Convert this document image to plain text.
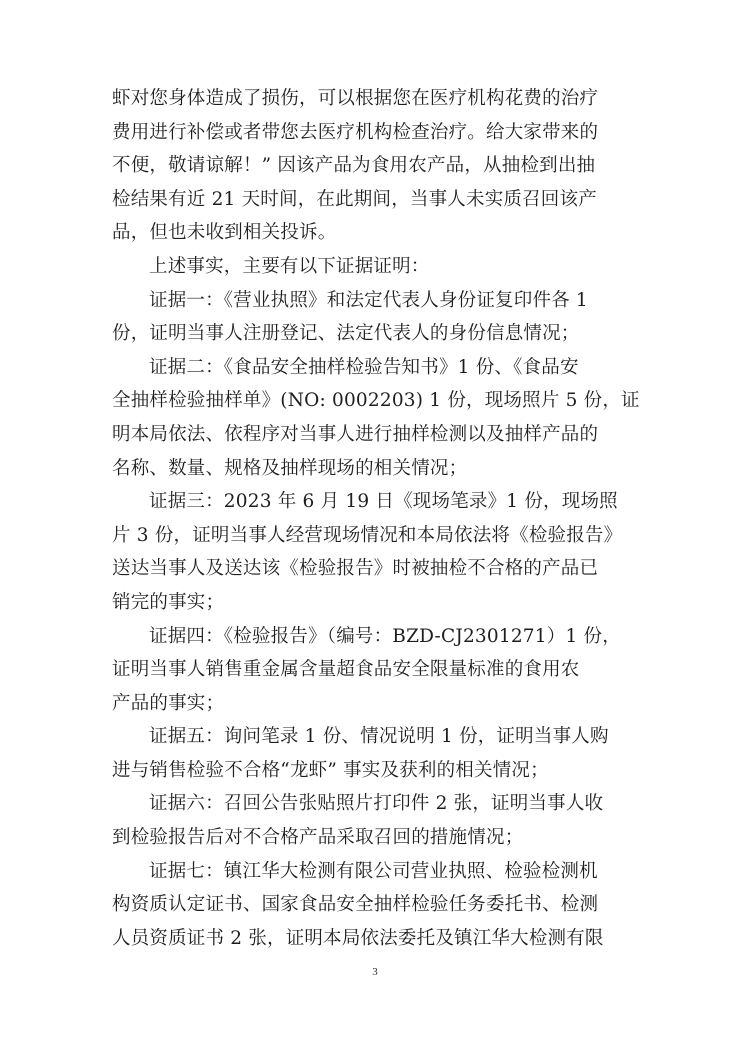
虾对您身体造成了损伤，可以根据您在医疗机构花费的治疗
费用进行补偿或者带您去医疗机构检查治疗。给大家带来的
不便，敬请谅解！” 因该产品为食用农产品，从抽检到出抽
检结果有近 21 天时间，在此期间，当事人未实质召回该产
品，但也未收到相关投诉。
上述事实，主要有以下证据证明：
证据一：《营业执照》和法定代表人身份证复印件各 1
份，证明当事人注册登记、法定代表人的身份信息情况；
证据二：《食品安全抽样检验告知书》1 份、《食品安
全抽样检验抽样单》(NO: 0002203) 1 份，现场照片 5 份，证
明本局依法、依程序对当事人进行抽样检测以及抽样产品的
名称、数量、规格及抽样现场的相关情况；
证据三：2023 年 6 月 19 日《现场笔录》1 份，现场照
片 3 份，证明当事人经营现场情况和本局依法将《检验报告》
送达当事人及送达该《检验报告》时被抽检不合格的产品已
销完的事实；
证据四：《检验报告》（编号：BZD-CJ2301271）1 份，
证明当事人销售重金属含量超食品安全限量标准的食用农
产品的事实；
证据五：询问笔录 1 份、情况说明 1 份，证明当事人购
进与销售检验不合格“龙虾” 事实及获利的相关情况；
证据六：召回公告张贴照片打印件 2 张，证明当事人收
到检验报告后对不合格产品采取召回的措施情况；
证据七：镇江华大检测有限公司营业执照、检验检测机
构资质认定证书、国家食品安全抽样检验任务委托书、检测
人员资质证书 2 张，证明本局依法委托及镇江华大检测有限
3
